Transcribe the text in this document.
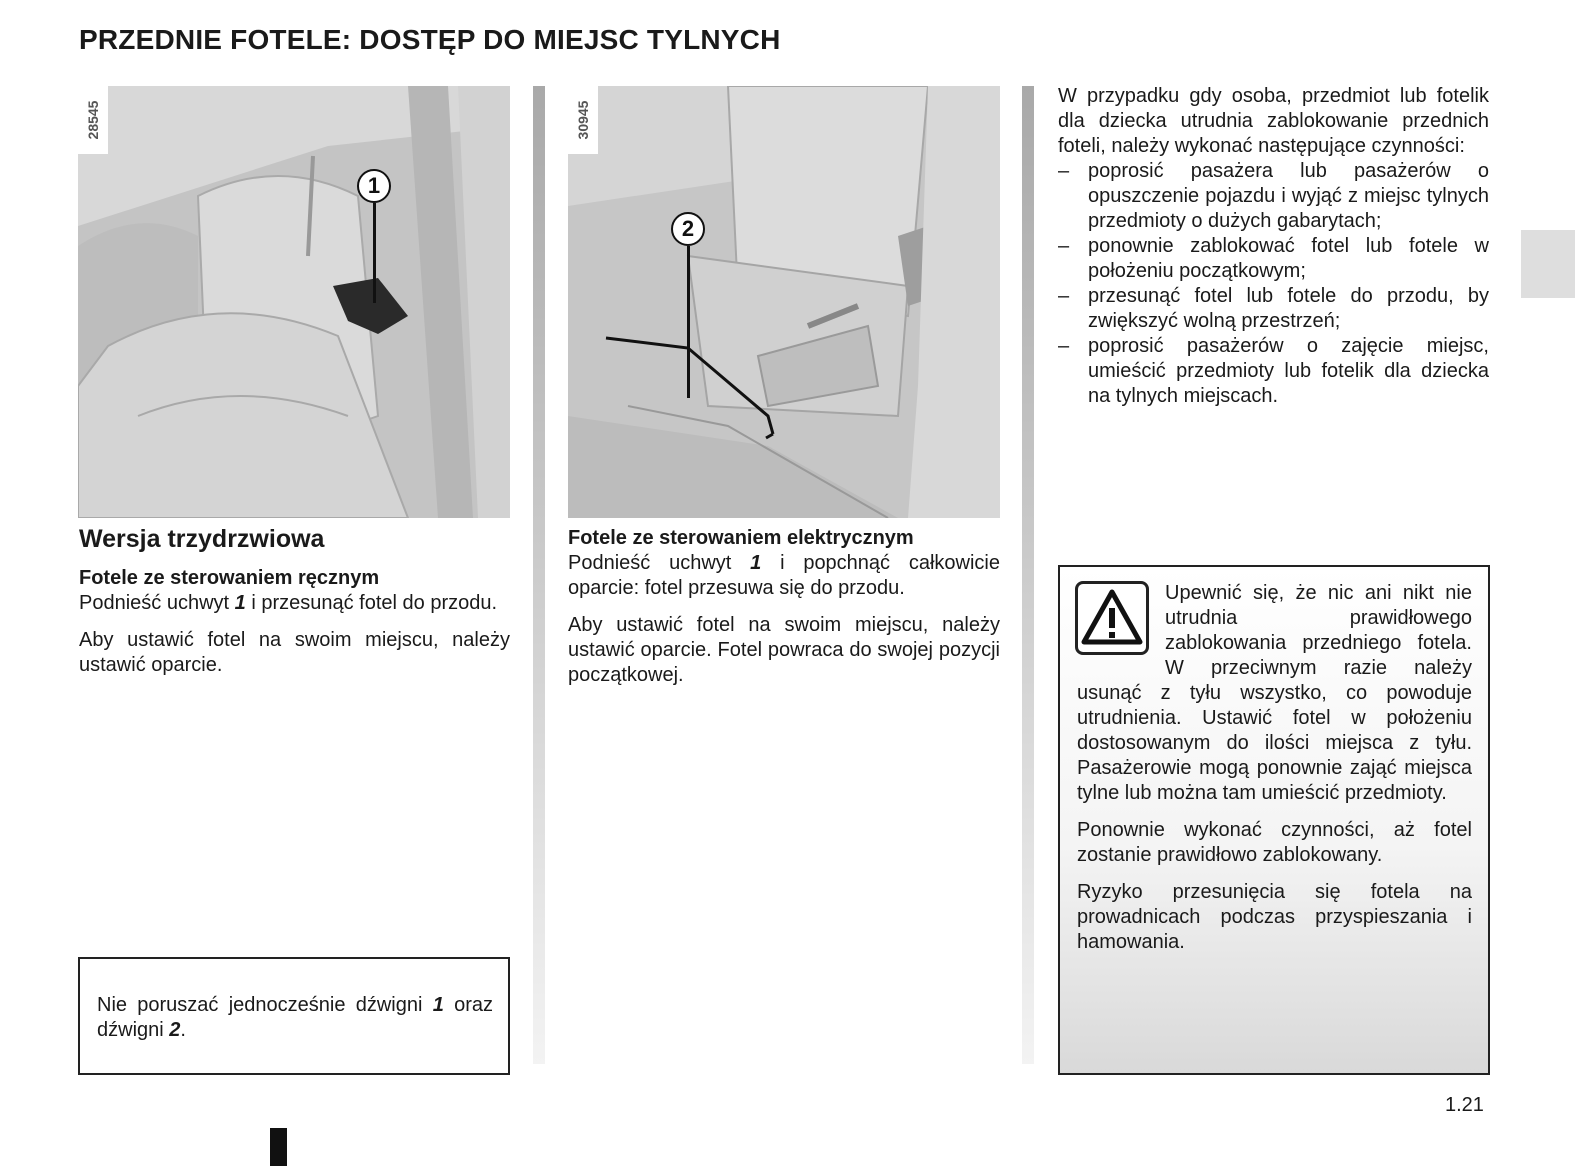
PRZEDNIE FOTELE: DOSTĘP DO MIEJSC TYLNYCH
28545
1
30945
2
Wersja trzydrzwiowa
Fotele ze sterowaniem ręcznym

Podnieść uchwyt 1 i przesunąć fotel do przodu.

Aby ustawić fotel na swoim miejscu, należy ustawić oparcie.

Nie poruszać jednocześnie dźwigni 1 oraz dźwigni 2.
Fotele ze sterowaniem elektrycznym

Podnieść uchwyt 1 i popchnąć całkowicie oparcie: fotel przesuwa się do przodu.

Aby ustawić fotel na swoim miejscu, należy ustawić oparcie. Fotel powraca do swojej pozycji początkowej.

W przypadku gdy osoba, przedmiot lub fotelik dla dziecka utrudnia zablokowanie przednich foteli, należy wykonać następujące czynności:
– poprosić pasażera lub pasażerów o opuszczenie pojazdu i wyjąć z miejsc tylnych przedmioty o dużych gabarytach;
– ponownie zablokować fotel lub fotele w położeniu początkowym;
– przesunąć fotel lub fotele do przodu, by zwiększyć wolną przestrzeń;
– poprosić pasażerów o zajęcie miejsc, umieścić przedmioty lub fotelik dla dziecka na tylnych miejscach.

Upewnić się, że nic ani nikt nie utrudnia prawidłowego zablokowania przedniego fotela. W przeciwnym razie należy usunąć z tyłu wszystko, co powoduje utrudnienia. Ustawić fotel w położeniu dostosowanym do ilości miejsca z tyłu. Pasażerowie mogą ponownie zająć miejsca tylne lub można tam umieścić przedmioty.

Ponownie wykonać czynności, aż fotel zostanie prawidłowo zablokowany.

Ryzyko przesunięcia się fotela na prowadnicach podczas przyspieszania i hamowania.

1.21
